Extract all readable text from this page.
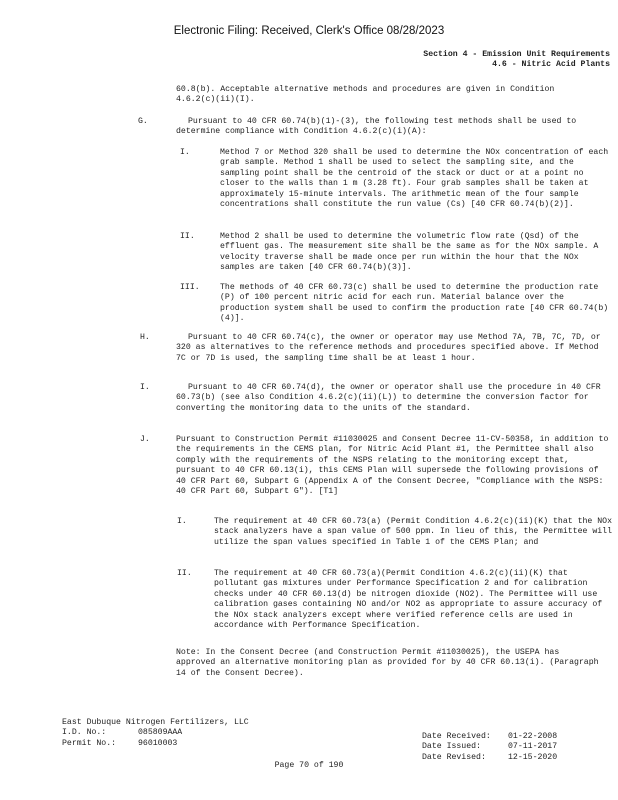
Electronic Filing: Received, Clerk's Office 08/28/2023
Section 4 - Emission Unit Requirements
4.6 - Nitric Acid Plants
60.8(b). Acceptable alternative methods and procedures are given in Condition 4.6.2(c)(ii)(I).
G.	Pursuant to 40 CFR 60.74(b)(1)-(3), the following test methods shall be used to determine compliance with Condition 4.6.2(c)(i)(A):
I.	Method 7 or Method 320 shall be used to determine the NOx concentration of each grab sample. Method 1 shall be used to select the sampling site, and the sampling point shall be the centroid of the stack or duct or at a point no closer to the walls than 1 m (3.28 ft). Four grab samples shall be taken at approximately 15-minute intervals. The arithmetic mean of the four sample concentrations shall constitute the run value (Cs) [40 CFR 60.74(b)(2)].
II.	Method 2 shall be used to determine the volumetric flow rate (Qsd) of the effluent gas. The measurement site shall be the same as for the NOx sample. A velocity traverse shall be made once per run within the hour that the NOx samples are taken [40 CFR 60.74(b)(3)].
III. The methods of 40 CFR 60.73(c) shall be used to determine the production rate (P) of 100 percent nitric acid for each run. Material balance over the production system shall be used to confirm the production rate [40 CFR 60.74(b)(4)].
H.	Pursuant to 40 CFR 60.74(c), the owner or operator may use Method 7A, 7B, 7C, 7D, or 320 as alternatives to the reference methods and procedures specified above. If Method 7C or 7D is used, the sampling time shall be at least 1 hour.
I.	Pursuant to 40 CFR 60.74(d), the owner or operator shall use the procedure in 40 CFR 60.73(b) (see also Condition 4.6.2(c)(ii)(L)) to determine the conversion factor for converting the monitoring data to the units of the standard.
J.	Pursuant to Construction Permit #11030025 and Consent Decree 11-CV-50358, in addition to the requirements in the CEMS plan, for Nitric Acid Plant #1, the Permittee shall also comply with the requirements of the NSPS relating to the monitoring except that, pursuant to 40 CFR 60.13(i), this CEMS Plan will supersede the following provisions of 40 CFR Part 60, Subpart G (Appendix A of the Consent Decree, "Compliance with the NSPS: 40 CFR Part 60, Subpart G"). [T1]
I.	The requirement at 40 CFR 60.73(a) (Permit Condition 4.6.2(c)(ii)(K) that the NOx stack analyzers have a span value of 500 ppm. In lieu of this, the Permittee will utilize the span values specified in Table 1 of the CEMS Plan; and
II.	The requirement at 40 CFR 60.73(a)(Permit Condition 4.6.2(c)(ii)(K) that pollutant gas mixtures under Performance Specification 2 and for calibration checks under 40 CFR 60.13(d) be nitrogen dioxide (NO2). The Permittee will use calibration gases containing NO and/or NO2 as appropriate to assure accuracy of the NOx stack analyzers except where verified reference cells are used in accordance with Performance Specification.
Note: In the Consent Decree (and Construction Permit #11030025), the USEPA has approved an alternative monitoring plan as provided for by 40 CFR 60.13(i). (Paragraph 14 of the Consent Decree).
East Dubuque Nitrogen Fertilizers, LLC
I.D. No.:	085809AAA
Permit No.:	96010003
Date Received: 01-22-2008
Date Issued:	07-11-2017
Date Revised:	12-15-2020
Page 70 of 190
